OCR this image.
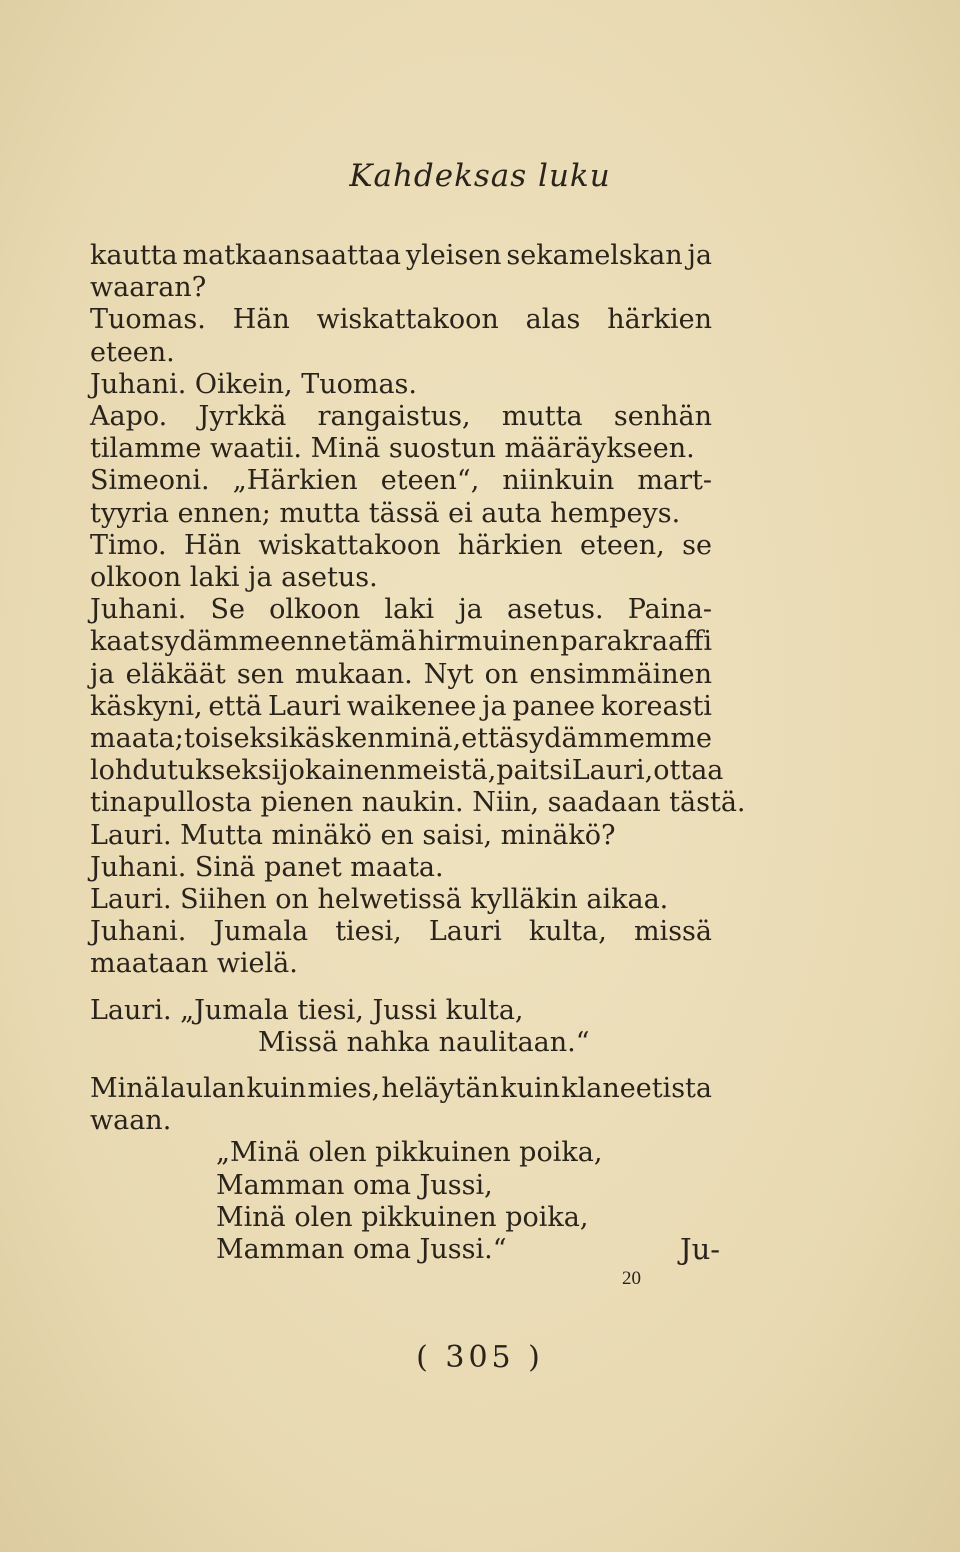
Kahdeksas luku
kautta matkaansaattaa yleisen sekamelskan ja
waaran?
Tuomas. Hän wiskattakoon alas härkien
eteen.
Juhani. Oikein, Tuomas.
Aapo. Jyrkkä rangaistus, mutta senhän
tilamme waatii. Minä suostun määräykseen.
Simeoni. „Härkien eteen“, niinkuin mart-
tyyria ennen; mutta tässä ei auta hempeys.
Timo. Hän wiskattakoon härkien eteen, se
olkoon laki ja asetus.
Juhani. Se olkoon laki ja asetus. Paina-
kaat sydämmeenne tämä hirmuinen parakraaffi
ja eläkäät sen mukaan. Nyt on ensimmäinen
käskyni, että Lauri waikenee ja panee koreasti
maata; toiseksi käsken minä, että sydämmemme
lohdutukseksi jokainen meistä, paitsi Lauri, ottaa
tinapullosta pienen naukin. Niin, saadaan tästä.
Lauri. Mutta minäkö en saisi, minäkö?
Juhani. Sinä panet maata.
Lauri. Siihen on helwetissä kylläkin aikaa.
Juhani. Jumala tiesi, Lauri kulta, missä
maataan wielä.
Lauri. „Jumala tiesi, Jussi kulta,
Missä nahka naulitaan.“
Minä laulan kuin mies, heläytän kuin klaneetista
waan.
„Minä olen pikkuinen poika,
Mamman oma Jussi,
Minä olen pikkuinen poika,
Mamman oma Jussi.“	Ju-
20
( 305 )
